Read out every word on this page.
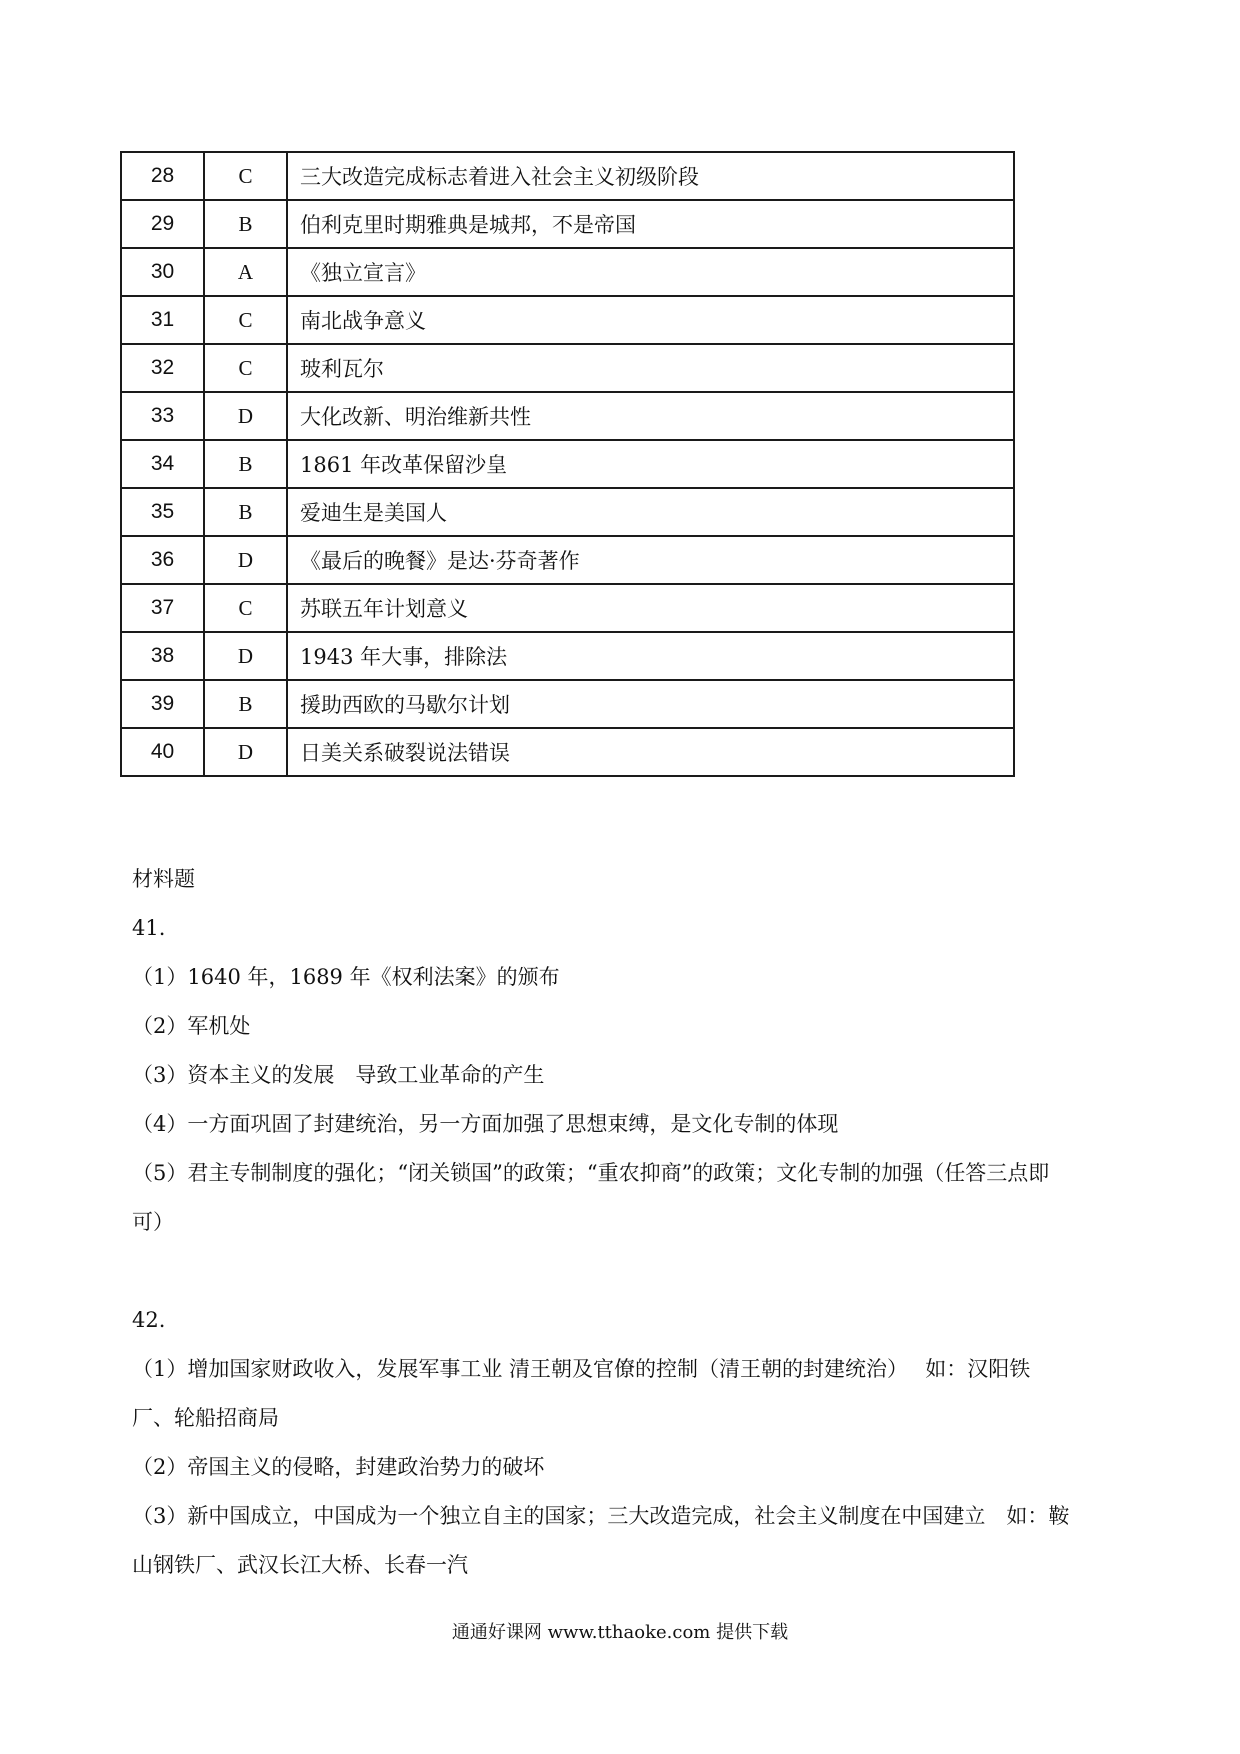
28	C	三大改造完成标志着进入社会主义初级阶段
29	B	伯利克里时期雅典是城邦，不是帝国
30	A	《独立宣言》
31	C	南北战争意义
32	C	玻利瓦尔
33	D	大化改新、明治维新共性
34	B	1861 年改革保留沙皇
35	B	爱迪生是美国人
36	D	《最后的晚餐》是达·芬奇著作
37	C	苏联五年计划意义
38	D	1943 年大事，排除法
39	B	援助西欧的马歇尔计划
40	D	日美关系破裂说法错误
材料题
41.
（1）1640 年，1689 年《权利法案》的颁布
（2）军机处
（3）资本主义的发展　导致工业革命的产生
（4）一方面巩固了封建统治，另一方面加强了思想束缚，是文化专制的体现
（5）君主专制制度的强化；“闭关锁国”的政策；“重农抑商”的政策；文化专制的加强（任答三点即可）
42.
（1）增加国家财政收入，发展军事工业 清王朝及官僚的控制（清王朝的封建统治）　 如：汉阳铁厂、轮船招商局
（2）帝国主义的侵略，封建政治势力的破坏
（3）新中国成立，中国成为一个独立自主的国家；三大改造完成，社会主义制度在中国建立　如：鞍山钢铁厂、武汉长江大桥、长春一汽
通通好课网 www.tthaoke.com 提供下载
